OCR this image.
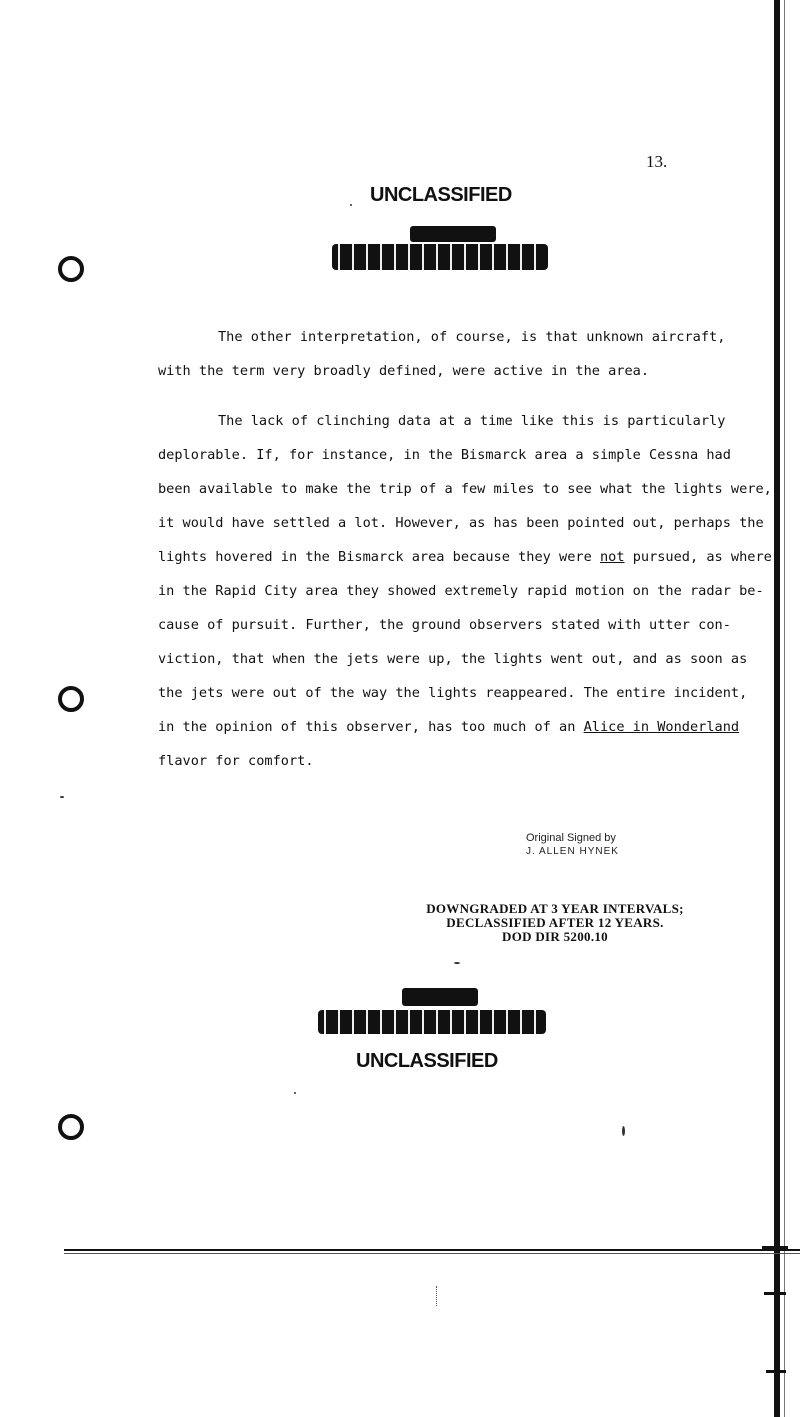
13.
UNCLASSIFIED
The other interpretation, of course, is that unknown aircraft,
with the term very broadly defined, were active in the area.
The lack of clinching data at a time like this is particularly
deplorable. If, for instance, in the Bismarck area a simple Cessna had
been available to make the trip of a few miles to see what the lights were,
it would have settled a lot. However, as has been pointed out, perhaps the
lights hovered in the Bismarck area because they were not pursued, as where
in the Rapid City area they showed extremely rapid motion on the radar be-
cause of pursuit. Further, the ground observers stated with utter con-
viction, that when the jets were up, the lights went out, and as soon as
the jets were out of the way the lights reappeared. The entire incident,
in the opinion of this observer, has too much of an Alice in Wonderland
flavor for comfort.
Original Signed by
J. ALLEN HYNEK
DOWNGRADED AT 3 YEAR INTERVALS;
DECLASSIFIED AFTER 12 YEARS.
DOD DIR 5200.10
UNCLASSIFIED
